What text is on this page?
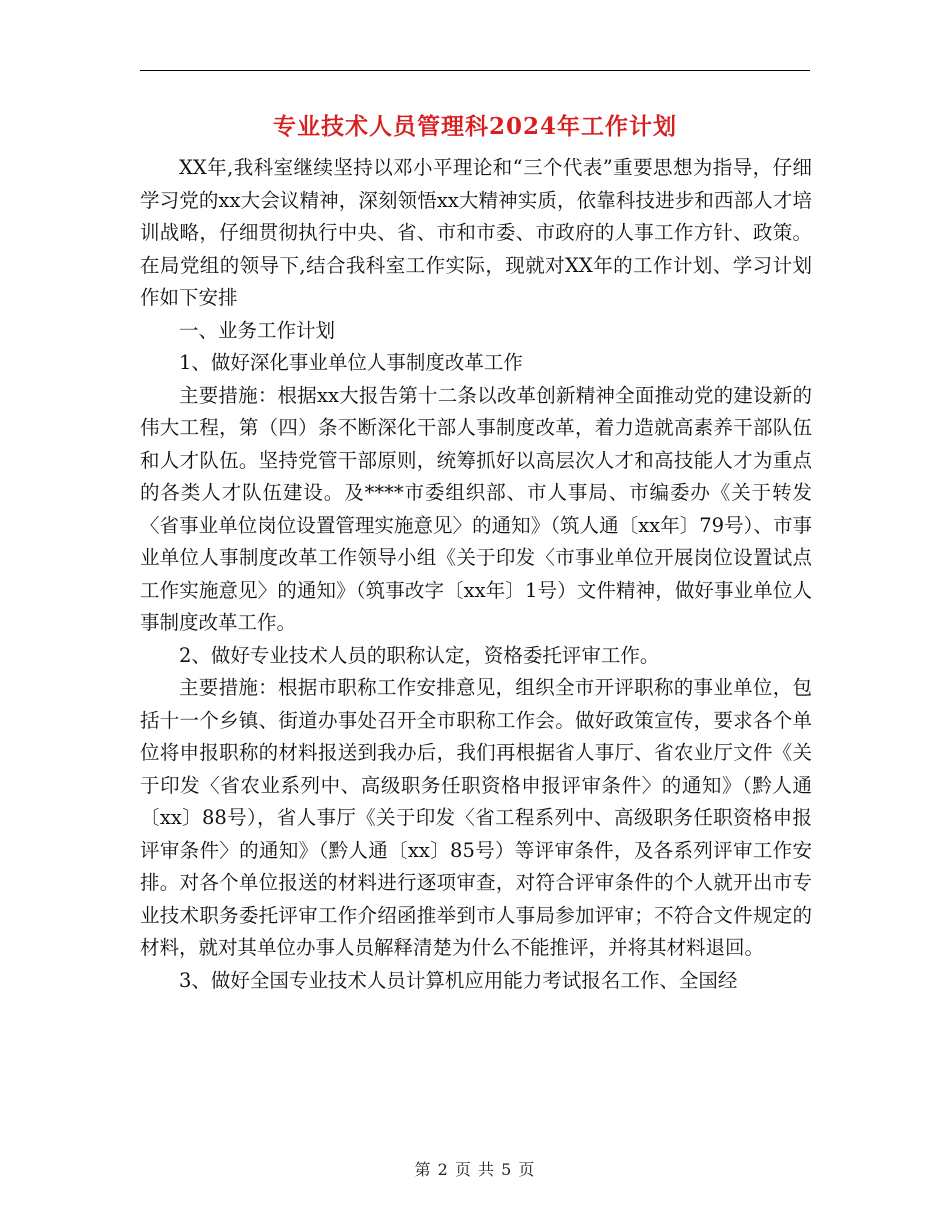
专业技术人员管理科2024年工作计划

XX年,我科室继续坚持以邓小平理论和“三个代表”重要思想为指导，仔细学习党的xx大会议精神，深刻领悟xx大精神实质，依靠科技进步和西部人才培训战略，仔细贯彻执行中央、省、市和市委、市政府的人事工作方针、政策。在局党组的领导下,结合我科室工作实际，现就对XX年的工作计划、学习计划作如下安排

一、业务工作计划

1、做好深化事业单位人事制度改革工作

主要措施：根据xx大报告第十二条以改革创新精神全面推动党的建设新的伟大工程，第（四）条不断深化干部人事制度改革，着力造就高素养干部队伍和人才队伍。坚持党管干部原则，统筹抓好以高层次人才和高技能人才为重点的各类人才队伍建设。及****市委组织部、市人事局、市编委办《关于转发〈省事业单位岗位设置管理实施意见〉的通知》（筑人通〔xx年〕79号）、市事业单位人事制度改革工作领导小组《关于印发〈市事业单位开展岗位设置试点工作实施意见〉的通知》（筑事改字〔xx年〕1号）文件精神，做好事业单位人事制度改革工作。

2、做好专业技术人员的职称认定，资格委托评审工作。

主要措施：根据市职称工作安排意见，组织全市开评职称的事业单位，包括十一个乡镇、街道办事处召开全市职称工作会。做好政策宣传，要求各个单位将申报职称的材料报送到我办后，我们再根据省人事厅、省农业厅文件《关于印发〈省农业系列中、高级职务任职资格申报评审条件〉的通知》（黔人通〔xx〕88号），省人事厅《关于印发〈省工程系列中、高级职务任职资格申报评审条件〉的通知》（黔人通〔xx〕85号）等评审条件，及各系列评审工作安排。对各个单位报送的材料进行逐项审查，对符合评审条件的个人就开出市专业技术职务委托评审工作介绍函推举到市人事局参加评审；不符合文件规定的材料，就对其单位办事人员解释清楚为什么不能推评，并将其材料退回。

3、做好全国专业技术人员计算机应用能力考试报名工作、全国经

第 2 页 共 5 页
